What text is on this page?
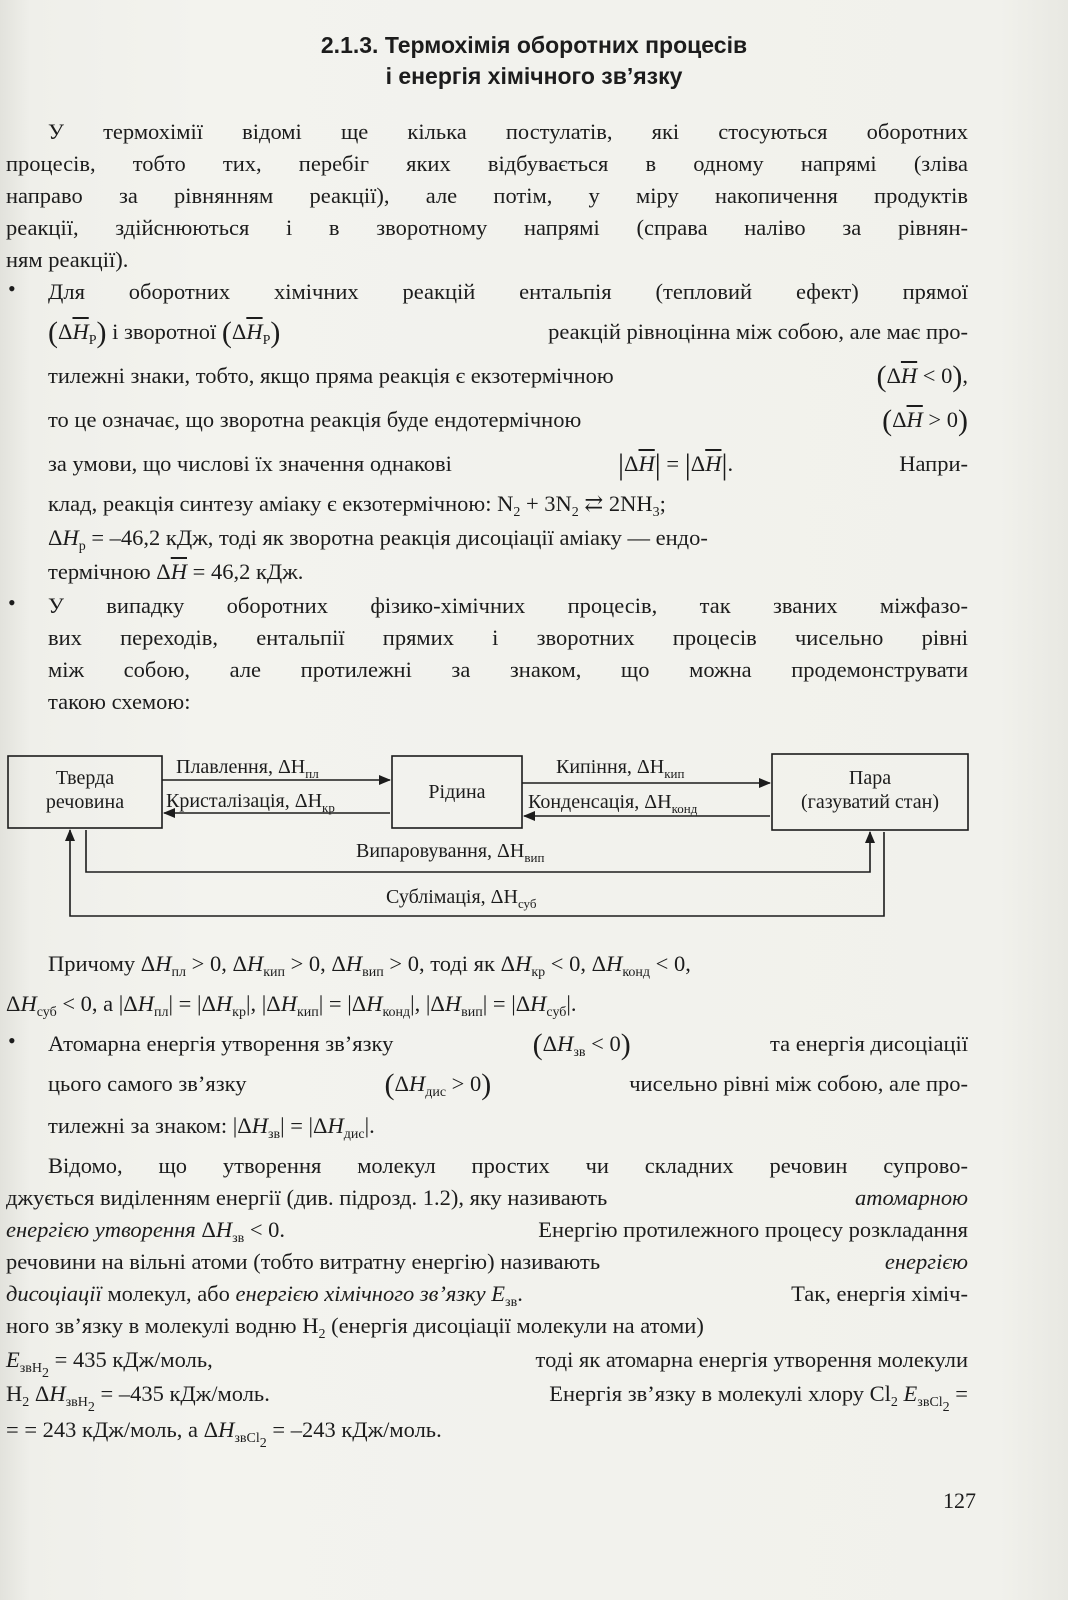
2.1.3. Термохімія оборотних процесів
і енергія хімічного зв’язку
У термохімії відомі ще кілька постулатів, які стосуються оборотних
процесів, тобто тих, перебіг яких відбувається в одному напрямі (зліва
направо за рівнянням реакції), але потім, у міру накопичення продуктів
реакції, здійснюються і в зворотному напрямі (справа наліво за рівнян-
ням реакції).
• Для оборотних хімічних реакцій ентальпія (тепловий ефект) прямої
$(\Delta\overline{H}_P)$ і зворотної $(\Delta\overline{H}_P)$	реакцій рівноцінна між собою, але має про-
тилежні знаки, тобто, якщо пряма реакція є екзотермічною	$(\Delta\overline{H} < 0)$,
то це означає, що зворотна реакція буде ендотермічною	$(\Delta\overline{H} > 0)$
за умови, що числові їх значення однакові	$|\Delta\overline{H}| = |\Delta\overline{H}|$.	Напри-
клад, реакція синтезу аміаку є екзотермічною: $N_2 + 3N_2$ ⇄ $2NH_3$;
$\Delta H_p = -46,2$ кДж, тоді як зворотна реакція дисоціації аміаку — ендо-
термічною $\Delta\overline{H} = 46,2$ кДж.
• У випадку оборотних фізико-хімічних процесів, так званих міжфазо-
вих переходів, ентальпії прямих і зворотних процесів чисельно рівні
між собою, але протилежні за знаком, що можна продемонструвати
такою схемою:
Тверда
речовина	Рідина
Пара
(газуватий стан)
Плавлення, $\Delta H_{пл}$
Кристалізація, $\Delta H_{кр}$
Кипіння, $\Delta H_{кип}$
Конденсація, $\Delta H_{конд}$
Випаровування, $\Delta H_{вип}$
Сублімація, $\Delta H_{суб}$
Причому $\Delta H_{пл} > 0$, $\Delta H_{кип} > 0$, $\Delta H_{вип} > 0$, тоді як $\Delta H_{кр} < 0$, $\Delta H_{конд} < 0$,
$\Delta H_{суб} < 0$, а $|\Delta H_{пл}| = |\Delta H_{кр}|$, $|\Delta H_{кип}| = |\Delta H_{конд}|$, $|\Delta H_{вип}| = |\Delta H_{суб}|$.
• Атомарна енергія утворення зв’язку	$(\Delta H_{зв} < 0)$	та енергія дисоціації
цього самого зв’язку	$(\Delta H_{дис} > 0)$	чисельно рівні між собою, але про-
тилежні за знаком: $|\Delta H_{зв}| = |\Delta H_{дис}|$.
Відомо, що утворення молекул простих чи складних речовин супрово-
джується виділенням енергії (див. підрозд. 1.2), яку називають	атомарною
енергією утворення $\Delta H_{зв} < 0$.	Енергію протилежного процесу розкладання
речовини на вільні атоми (тобто витратну енергію) називають	енергією
дисоціації молекул, або енергією хімічного зв’язку $E_{зв}$.	Так, енергія хіміч-
ного зв’язку в молекулі водню $H_2$ (енергія дисоціації молекули на атоми)
$E_{звH_2} = 435$ кДж/моль,	тоді як атомарна енергія утворення молекули
$H_2$ $\Delta H_{звH_2} = -435$ кДж/моль.	Енергія зв’язку в молекулі хлору $Cl_2$ $E_{звCl_2}$ =
= = 243 кДж/моль, а $\Delta H_{звCl_2} = -243$ кДж/моль.
127
